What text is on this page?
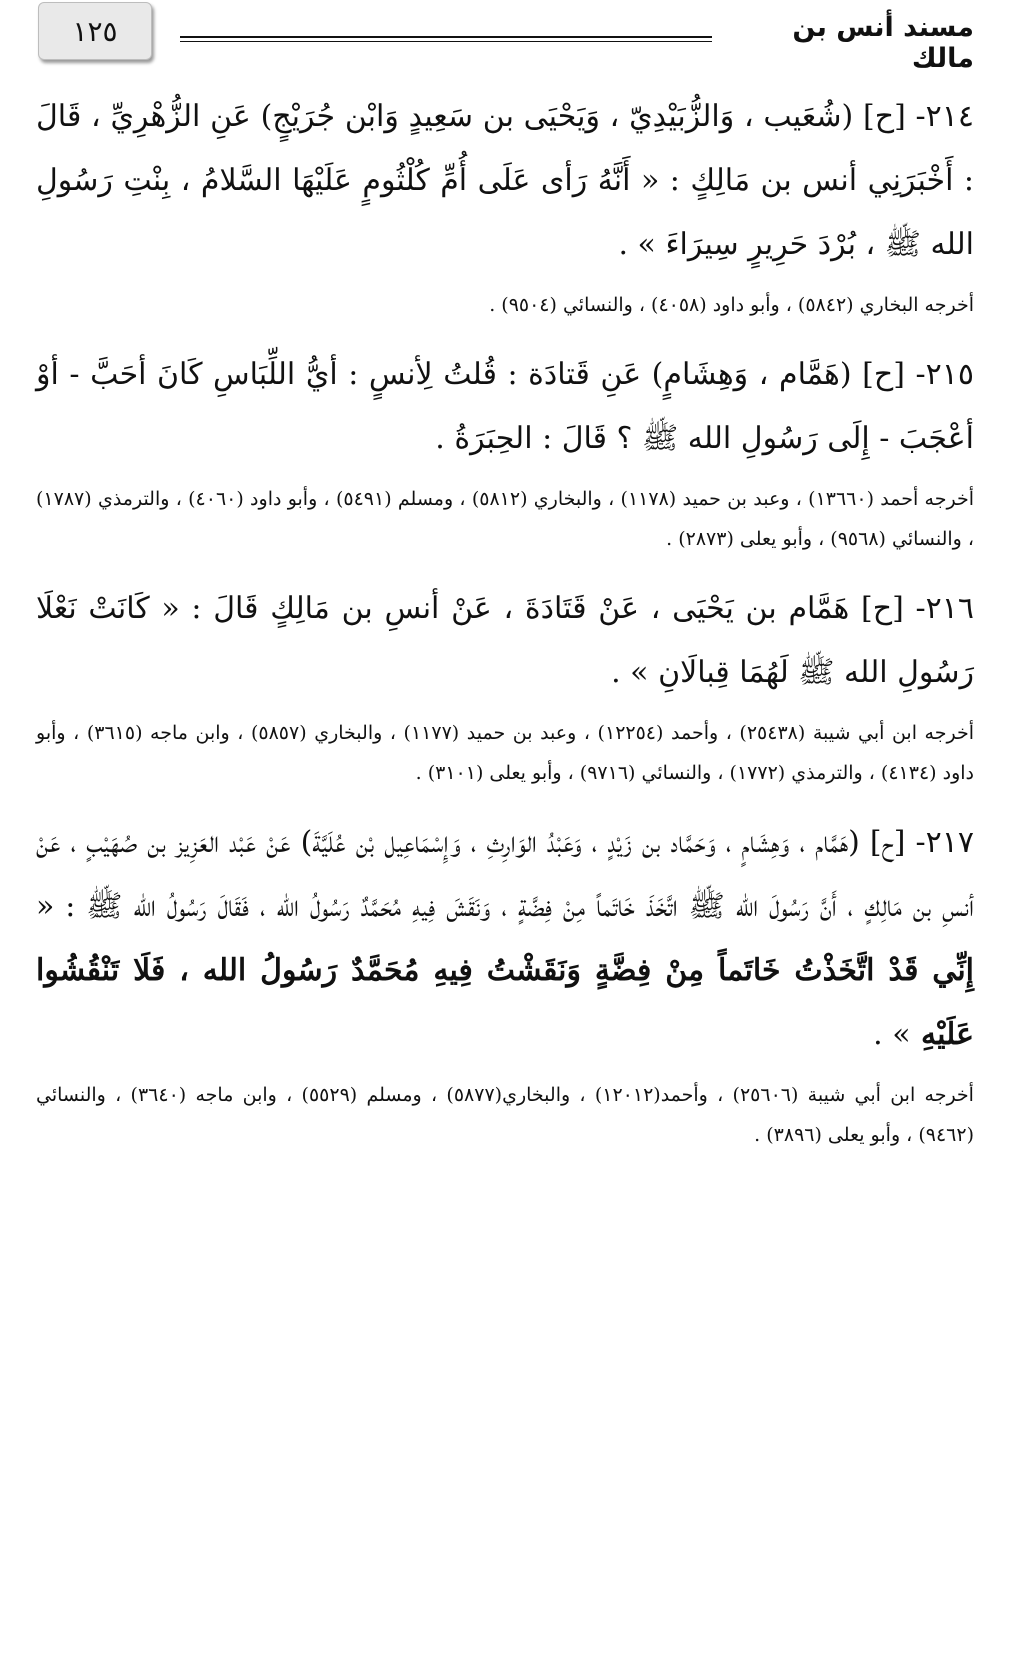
١٢٥	مسند أنس بن مالك

٢١٤- [ح] (شُعَيب ، وَالزُّبَيْدِيّ ، وَيَحْيَى بن سَعِيدٍ وَابْن جُرَيْجٍ) عَنِ الزُّهْرِيِّ ، قَالَ : أَخْبَرَنِي أنس بن مَالِكٍ : « أَنَّهُ رَأى عَلَى أُمِّ كُلْثُومٍ عَلَيْهَا السَّلامُ ، بِنْتِ رَسُولِ الله ﷺ ، بُرْدَ حَرِيرٍ سِيرَاءَ » .

أخرجه البخاري (٥٨٤٢) ، وأبو داود (٤٠٥٨) ، والنسائي (٩٥٠٤) .

٢١٥- [ح] (هَمَّام ، وَهِشَامٍ) عَنِ قَتادَة : قُلتُ لِأنسٍ : أيُّ اللِّبَاسِ كَانَ أحَبَّ - أوْ أعْجَبَ - إِلَى رَسُولِ الله ﷺ ؟ قَالَ : الحِبَرَةُ .

أخرجه أحمد (١٣٦٦٠) ، وعبد بن حميد (١١٧٨) ، والبخاري (٥٨١٢) ، ومسلم (٥٤٩١) ، وأبو داود (٤٠٦٠) ، والترمذي (١٧٨٧) ، والنسائي (٩٥٦٨) ، وأبو يعلى (٢٨٧٣) .

٢١٦- [ح] هَمَّام بن يَحْيَى ، عَنْ قَتَادَةَ ، عَنْ أنسِ بن مَالِكٍ قَالَ : « كَانَتْ نَعْلَا رَسُولِ الله ﷺ لَهُمَا قِبالَانِ » .

أخرجه ابن أبي شيبة (٢٥٤٣٨) ، وأحمد (١٢٢٥٤) ، وعبد بن حميد (١١٧٧) ، والبخاري (٥٨٥٧) ، وابن ماجه (٣٦١٥) ، وأبو داود (٤١٣٤) ، والترمذي (١٧٧٢) ، والنسائي (٩٧١٦) ، وأبو يعلى (٣١٠١) .

٢١٧- [ح] (هَمَّام ، وَهِشَامٍ ، وَحَمَّاد بن زَيْدٍ ، وَعَبْدُ الوَارِثِ ، وَإِسْمَاعِيل بْن عُلَيَّةَ) عَنْ عَبْد العَزِيز بن صُهَيْبٍ ، عَنْ أنسِ بن مَالِكٍ ، أَنَّ رَسُولَ الله ﷺ اتَّخَذَ خَاتَماً مِنْ فِضَّةٍ ، وَنَقَشَ فِيهِ مُحَمَّدٌ رَسُولُ الله ، فَقَالَ رَسُولُ الله ﷺ : « إِنِّي قَدْ اتَّخَذْتُ خَاتَماً مِنْ فِضَّةٍ وَنَقَشْتُ فِيهِ مُحَمَّدٌ رَسُولُ الله ، فَلَا تَنْقُشُوا عَلَيْهِ » .

أخرجه ابن أبي شيبة (٢٥٦٠٦) ، وأحمد(١٢٠١٢) ، والبخاري(٥٨٧٧) ، ومسلم (٥٥٢٩) ، وابن ماجه (٣٦٤٠) ، والنسائي (٩٤٦٢) ، وأبو يعلى (٣٨٩٦) .
